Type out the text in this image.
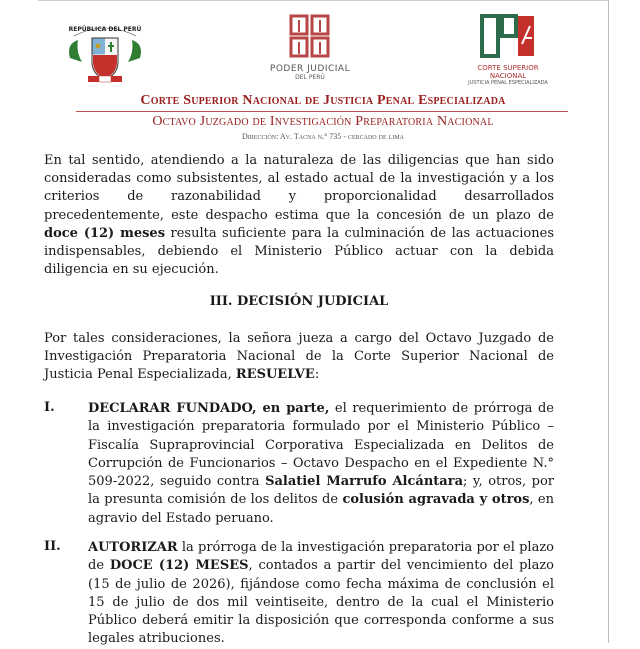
REPÚBLICA DEL PERÚ
PODER JUDICIAL
DEL PERÚ
CORTE SUPERIOR NACIONAL
JUSTICIA PENAL ESPECIALIZADA
Corte Superior Nacional de Justicia Penal Especializada
Octavo Juzgado de Investigación Preparatoria Nacional
Dirección: Av. Tacna n.° 735 - cercado de lima
En tal sentido, atendiendo a la naturaleza de las diligencias que han sido consideradas como subsistentes, al estado actual de la investigación y a los criterios de razonabilidad y proporcionalidad desarrollados precedentemente, este despacho estima que la concesión de un plazo de doce (12) meses resulta suficiente para la culminación de las actuaciones indispensables, debiendo el Ministerio Público actuar con la debida diligencia en su ejecución.
III. DECISIÓN JUDICIAL
Por tales consideraciones, la señora jueza a cargo del Octavo Juzgado de Investigación Preparatoria Nacional de la Corte Superior Nacional de Justicia Penal Especializada, RESUELVE:
I.	DECLARAR FUNDADO, en parte, el requerimiento de prórroga de la investigación preparatoria formulado por el Ministerio Público – Fiscalía Supraprovincial Corporativa Especializada en Delitos de Corrupción de Funcionarios – Octavo Despacho en el Expediente N.° 509-2022, seguido contra Salatiel Marrufo Alcántara; y, otros, por la presunta comisión de los delitos de colusión agravada y otros, en agravio del Estado peruano.
II. AUTORIZAR la prórroga de la investigación preparatoria por el plazo de DOCE (12) MESES, contados a partir del vencimiento del plazo (15 de julio de 2026), fijándose como fecha máxima de conclusión el 15 de julio de dos mil veintiseite, dentro de la cual el Ministerio Público deberá emitir la disposición que corresponda conforme a sus legales atribuciones.
